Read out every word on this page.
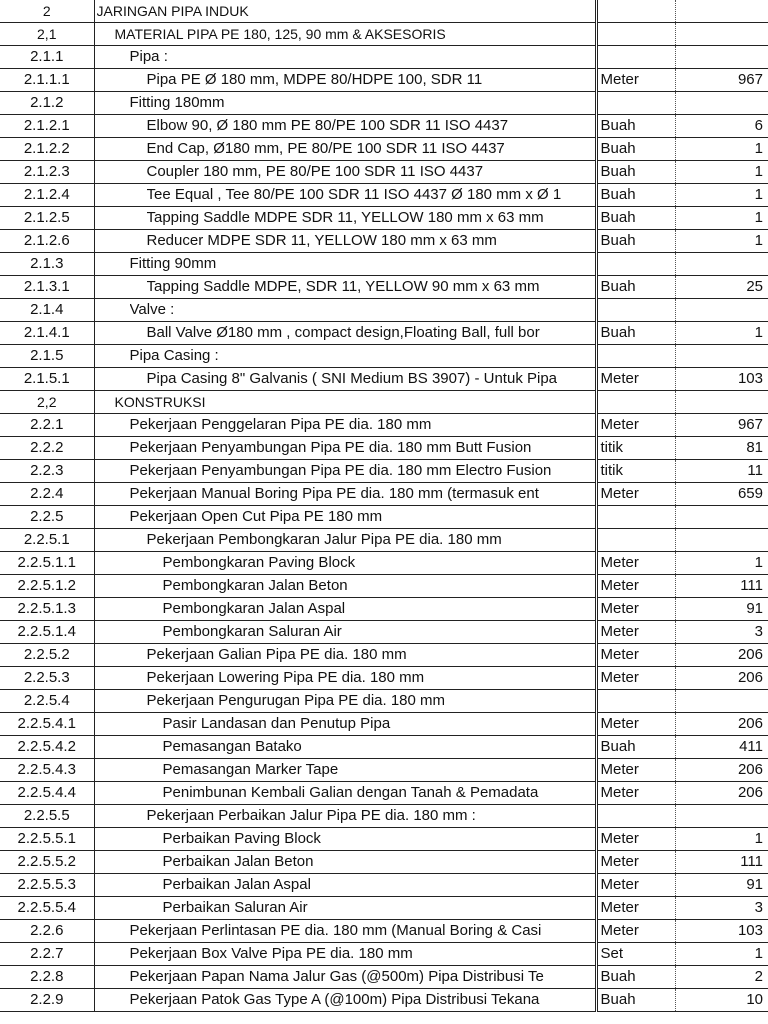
2	JARINGAN PIPA INDUK		

2,1	MATERIAL PIPA PE 180, 125, 90 mm & AKSESORIS		

2.1.1	Pipa :		

2.1.1.1	Pipa PE Ø 180 mm, MDPE 80/HDPE 100, SDR 11	Meter	967
2.1.2	Fitting 180mm		

2.1.2.1	Elbow 90, Ø 180 mm PE 80/PE 100 SDR 11 ISO 4437	Buah	6
2.1.2.2	End Cap, Ø180 mm, PE 80/PE 100 SDR 11 ISO 4437	Buah	1
2.1.2.3	Coupler 180 mm, PE 80/PE 100 SDR 11 ISO 4437	Buah	1
2.1.2.4	Tee Equal , Tee 80/PE 100 SDR 11 ISO 4437 Ø 180 mm x Ø 1	Buah	1
2.1.2.5	Tapping Saddle MDPE SDR 11, YELLOW 180 mm x 63 mm	Buah	1
2.1.2.6	Reducer MDPE SDR 11, YELLOW 180 mm x 63 mm	Buah	1
2.1.3	Fitting 90mm		

2.1.3.1	Tapping Saddle MDPE, SDR 11, YELLOW 90 mm x 63 mm	Buah	25
2.1.4	Valve :		

2.1.4.1	Ball Valve Ø180 mm , compact design,Floating Ball, full bor	Buah	1
2.1.5	Pipa Casing :		

2.1.5.1	Pipa Casing 8" Galvanis ( SNI Medium BS 3907) - Untuk Pipa	Meter	103
2,2	KONSTRUKSI		

2.2.1	Pekerjaan Penggelaran Pipa PE dia. 180 mm	Meter	967
2.2.2	Pekerjaan Penyambungan Pipa PE dia. 180 mm Butt Fusion	titik	81
2.2.3	Pekerjaan Penyambungan Pipa PE dia. 180 mm Electro Fusion	titik	11
2.2.4	Pekerjaan Manual Boring Pipa PE dia. 180 mm (termasuk ent	Meter	659
2.2.5	Pekerjaan Open Cut Pipa PE 180 mm		

2.2.5.1	Pekerjaan Pembongkaran Jalur Pipa PE dia. 180 mm		

2.2.5.1.1	Pembongkaran Paving Block	Meter	1
2.2.5.1.2	Pembongkaran Jalan Beton	Meter	111
2.2.5.1.3	Pembongkaran Jalan Aspal	Meter	91
2.2.5.1.4	Pembongkaran Saluran Air	Meter	3
2.2.5.2	Pekerjaan Galian Pipa PE dia. 180 mm	Meter	206
2.2.5.3	Pekerjaan Lowering Pipa PE dia. 180 mm	Meter	206
2.2.5.4	Pekerjaan Pengurugan Pipa PE dia. 180 mm		

2.2.5.4.1	Pasir Landasan dan Penutup Pipa	Meter	206
2.2.5.4.2	Pemasangan Batako	Buah	411
2.2.5.4.3	Pemasangan Marker Tape	Meter	206
2.2.5.4.4	Penimbunan Kembali Galian dengan Tanah & Pemadata	Meter	206
2.2.5.5	Pekerjaan Perbaikan Jalur Pipa PE dia. 180 mm :		

2.2.5.5.1	Perbaikan Paving Block	Meter	1
2.2.5.5.2	Perbaikan Jalan Beton	Meter	111
2.2.5.5.3	Perbaikan Jalan Aspal	Meter	91
2.2.5.5.4	Perbaikan Saluran Air	Meter	3
2.2.6	Pekerjaan Perlintasan PE dia. 180 mm (Manual Boring & Casi	Meter	103
2.2.7	Pekerjaan Box Valve Pipa PE dia. 180 mm	Set	1
2.2.8	Pekerjaan Papan Nama Jalur Gas (@500m) Pipa Distribusi Te	Buah	2
2.2.9	Pekerjaan Patok Gas Type A (@100m) Pipa Distribusi Tekana	Buah	10
